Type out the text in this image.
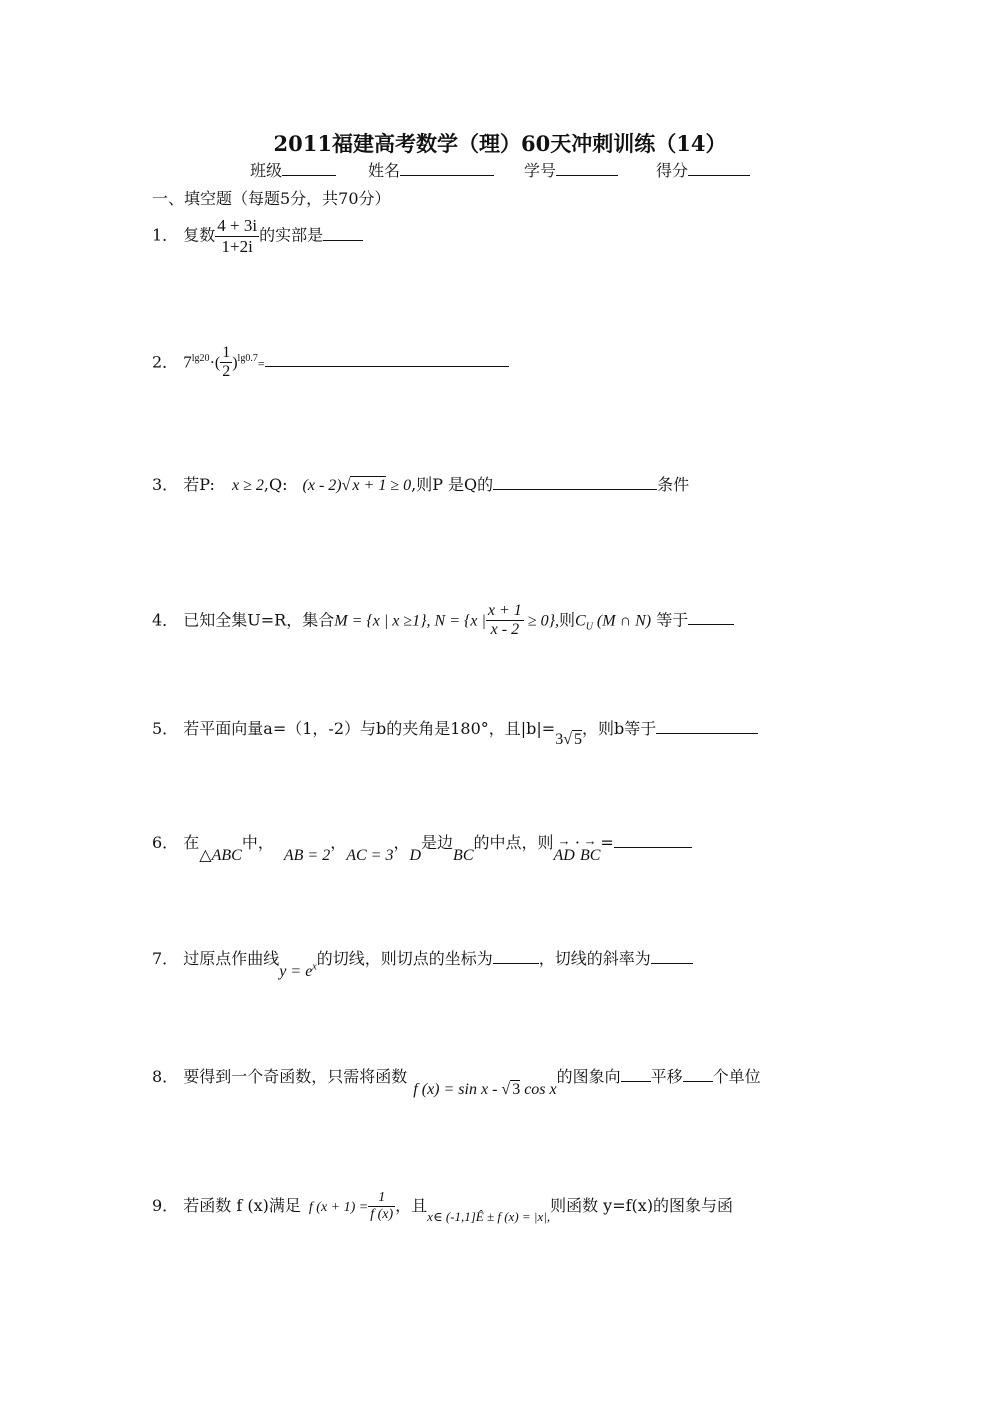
2011福建高考数学（理）60天冲刺训练（14）
班级	姓名	学号	得分
一、填空题（每题5分，共70分）
1． 复数 $\frac{4 + 3i}{1+2i}$ 的实部是
2． $7^{lg20}\cdot( \frac{1}{2} )^{lg0.7}=$
3． 若P: x ≥ 2,Q: (x - 2)√ x + 1 ≥ 0,则P 是Q的	条件
4． 已知全集U=R，集合M = {x | x ≥1}, N = {x | $\frac{x + 1}{x - 2} \ge 0$},则$C_U$ (M ∩ N) 等于
5． 若平面向量a=（1，-2）与b的夹角是180°，且|b|=3√ 5，则b等于
6． 在△ABC中，AB = 2，AC = 3，D是边BC的中点，则AD →·BC →=
7． 过原点作曲线$y = e^x$的切线，则切点的坐标为	，切线的斜率为
8． 要得到一个奇函数，只需将函数f (x) = sin x - √ 3 cos x的图象向 平移 个单位
9． 若函数 f (x)满足 f $(x + 1) = \frac{1}{f (x)}$ ，且$_{x\in (-1,1]Ê \pm f (x) = |x|,}$则函数 y=f(x)的图象与函
